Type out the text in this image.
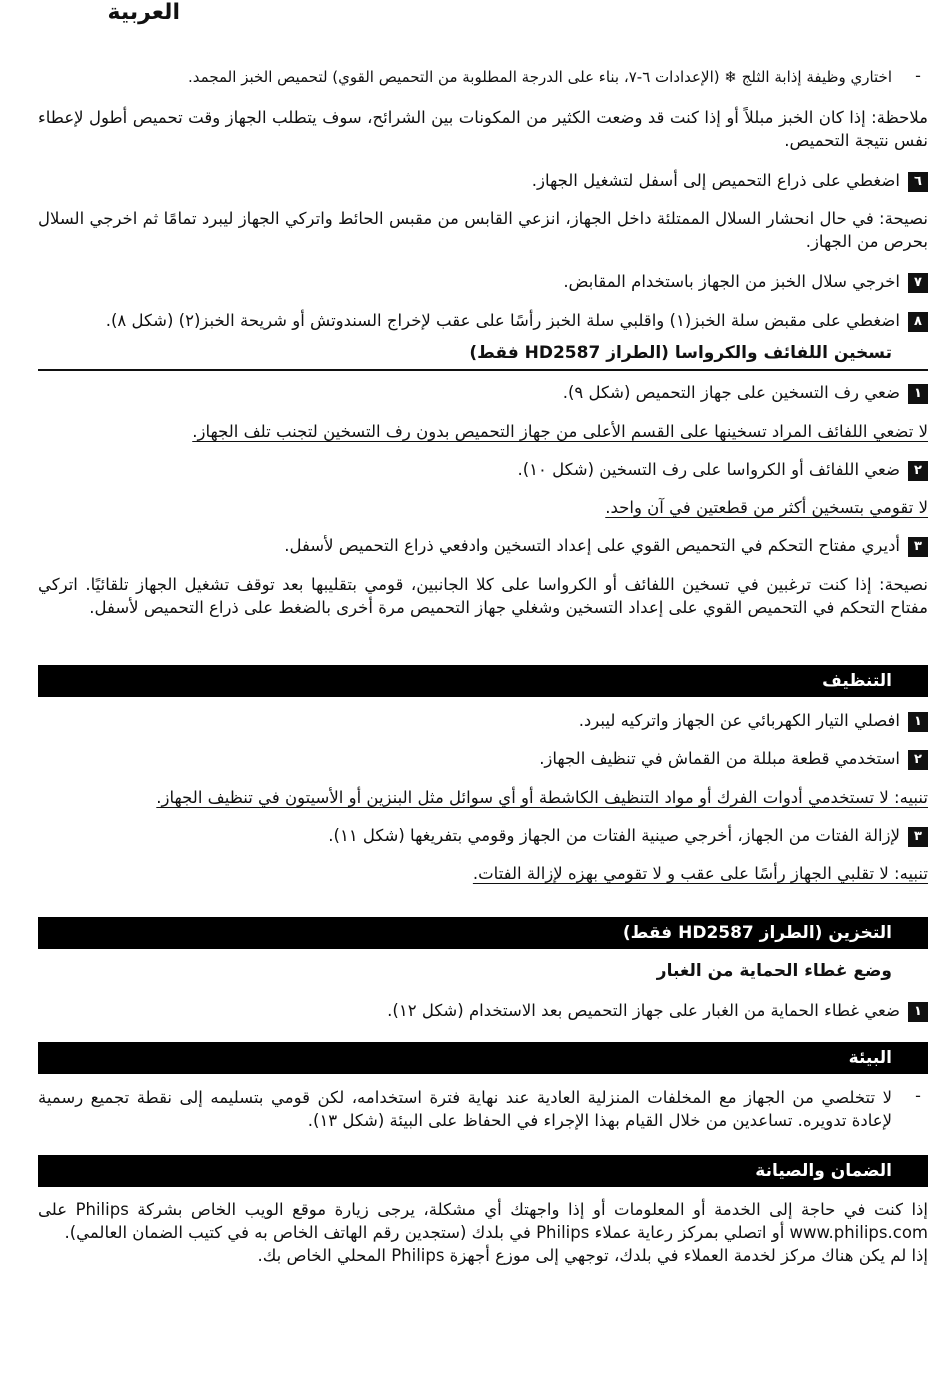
العربية
-
اختاري وظيفة إذابة الثلج ❄ (الإعدادات ٦-٧، بناء على الدرجة المطلوبة من التحميص القوي) لتحميص الخبز المجمد.
ملاحظة: إذا كان الخبز مبللاً أو إذا كنت قد وضعت الكثير من المكونات بين الشرائح، سوف يتطلب الجهاز وقت تحميص أطول لإعطاء نفس نتيجة التحميص.
٦اضغطي على ذراع التحميص إلى أسفل لتشغيل الجهاز.
نصيحة: في حال انحشار السلال الممتلئة داخل الجهاز، انزعي القابس من مقبس الحائط واتركي الجهاز ليبرد تمامًا ثم اخرجي السلال بحرص من الجهاز.
٧اخرجي سلال الخبز من الجهاز باستخدام المقابض.
٨اضغطي على مقبض سلة الخبز(١) واقلبي سلة الخبز رأسًا على عقب لإخراج السندوتش أو شريحة الخبز(٢) (شكل ٨).
تسخين اللفائف والكرواسا (الطراز HD2587 فقط)
١ضعي رف التسخين على جهاز التحميص (شكل ٩).
لا تضعي اللفائف المراد تسخينها على القسم الأعلى من جهاز التحميص بدون رف التسخين لتجنب تلف الجهاز.
٢ضعي اللفائف أو الكرواسا على رف التسخين (شكل ١٠).
لا تقومي بتسخين أكثر من قطعتين في آن واحد.
٣أديري مفتاح التحكم في التحميص القوي على إعداد التسخين وادفعي ذراع التحميص لأسفل.
نصيحة: إذا كنت ترغبين في تسخين اللفائف أو الكرواسا على كلا الجانبين، قومي بتقليبها بعد توقف تشغيل الجهاز تلقائيًا. اتركي مفتاح التحكم في التحميص القوي على إعداد التسخين وشغلي جهاز التحميص مرة أخرى بالضغط على ذراع التحميص لأسفل.
التنظيف
١افصلي التيار الكهربائي عن الجهاز واتركيه ليبرد.
٢استخدمي قطعة مبللة من القماش في تنظيف الجهاز.
تنبيه: لا تستخدمي أدوات الفرك أو مواد التنظيف الكاشطة أو أي سوائل مثل البنزين أو الأسيتون في تنظيف الجهاز.
٣لإزالة الفتات من الجهاز، أخرجي صينية الفتات من الجهاز وقومي بتفريغها (شكل ١١).
تنبيه: لا تقلبي الجهاز رأسًا على عقب و لا تقومي بهزه لإزالة الفتات.
التخزين (الطراز HD2587 فقط)
وضع غطاء الحماية من الغبار
١ضعي غطاء الحماية من الغبار على جهاز التحميص بعد الاستخدام (شكل ١٢).
البيئة
-
لا تتخلصي من الجهاز مع المخلفات المنزلية العادية عند نهاية فترة استخدامه، لكن قومي بتسليمه إلى نقطة تجميع رسمية لإعادة تدويره. تساعدين من خلال القيام بهذا الإجراء في الحفاظ على البيئة (شكل ١٣).
الضمان والصيانة
إذا كنت في حاجة إلى الخدمة أو المعلومات أو إذا واجهتك أي مشكلة، يرجى زيارة موقع الويب الخاص بشركة Philips على www.philips.com أو اتصلي بمركز رعاية عملاء Philips في بلدك (ستجدين رقم الهاتف الخاص به في كتيب الضمان العالمي).
إذا لم يكن هناك مركز لخدمة العملاء في بلدك، توجهي إلى موزع أجهزة Philips المحلي الخاص بك.
